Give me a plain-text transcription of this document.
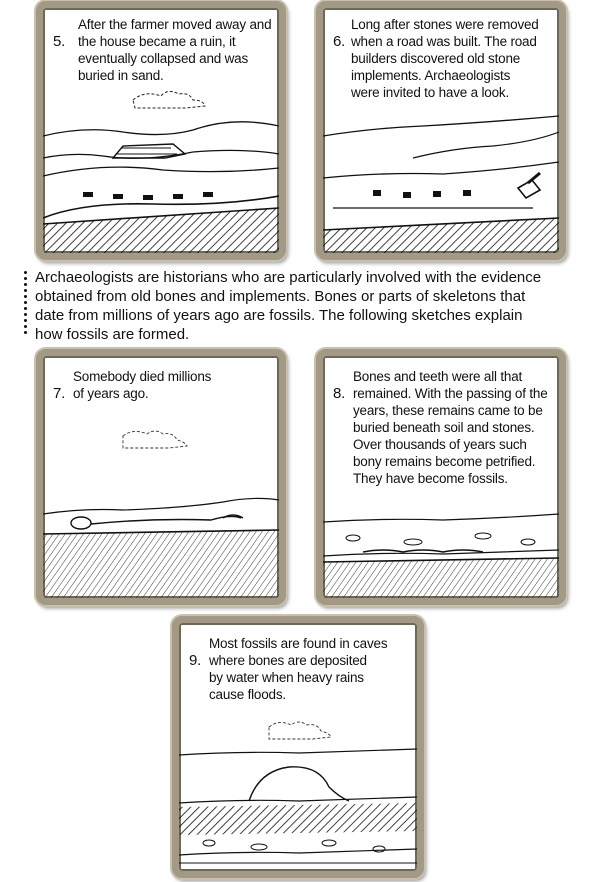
5.

After the farmer moved away and
the house became a ruin, it
eventually collapsed and was
buried in sand.

6.

Long after stones were removed
when a road was built. The road
builders discovered old stone
implements. Archaeologists
were invited to have a look.

Archaeologists are historians who are particularly involved with the evidence
obtained from old bones and implements. Bones or parts of skeletons that
date from millions of years ago are fossils. The following sketches explain
how fossils are formed.

7.

Somebody died millions
of years ago.	8.

Bones and teeth were all that
remained. With the passing of the
years, these remains came to be
buried beneath soil and stones.
Over thousands of years such
bony remains become petrified.
They have become fossils.

9.

Most fossils are found in caves
where bones are deposited
by water when heavy rains
cause floods.
